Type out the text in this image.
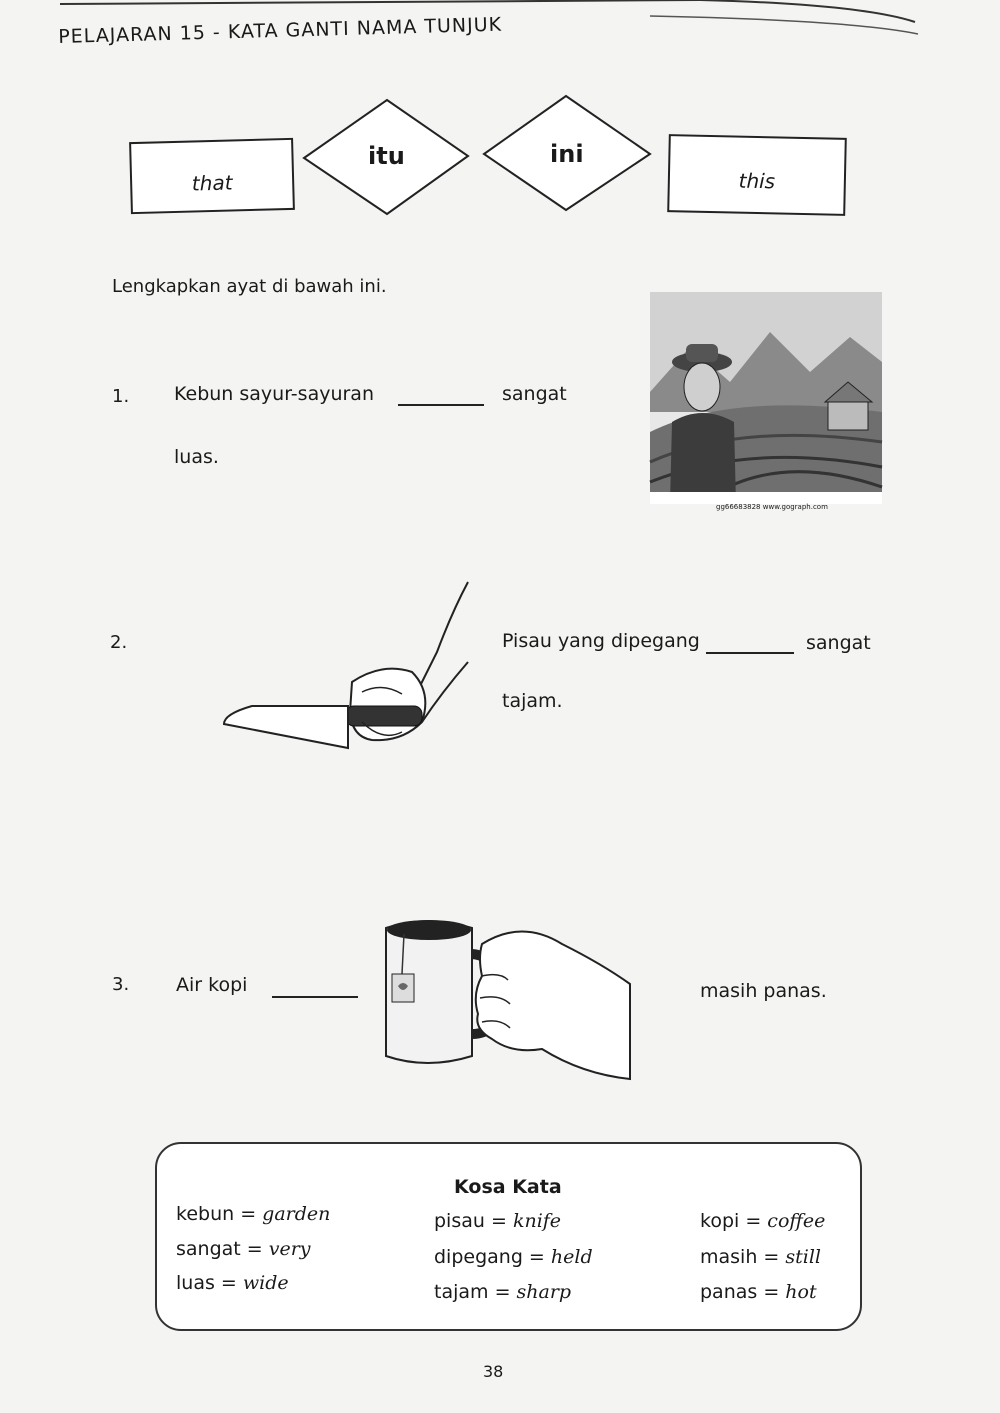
PELAJARAN 15 - KATA GANTI NAMA TUNJUK
that
itu	ini
this
Lengkapkan ayat di bawah ini.
1. Kebun sayur-sayuran	sangat
luas.
gg66683828 www.gograph.com
2.	Pisau yang dipegang	sangat
tajam.
3. Air kopi	masih panas.
Kosa Kata
kebun = garden
sangat = very
luas = wide
pisau = knife
dipegang = held
tajam = sharp
kopi = coffee
masih = still
panas = hot
38
